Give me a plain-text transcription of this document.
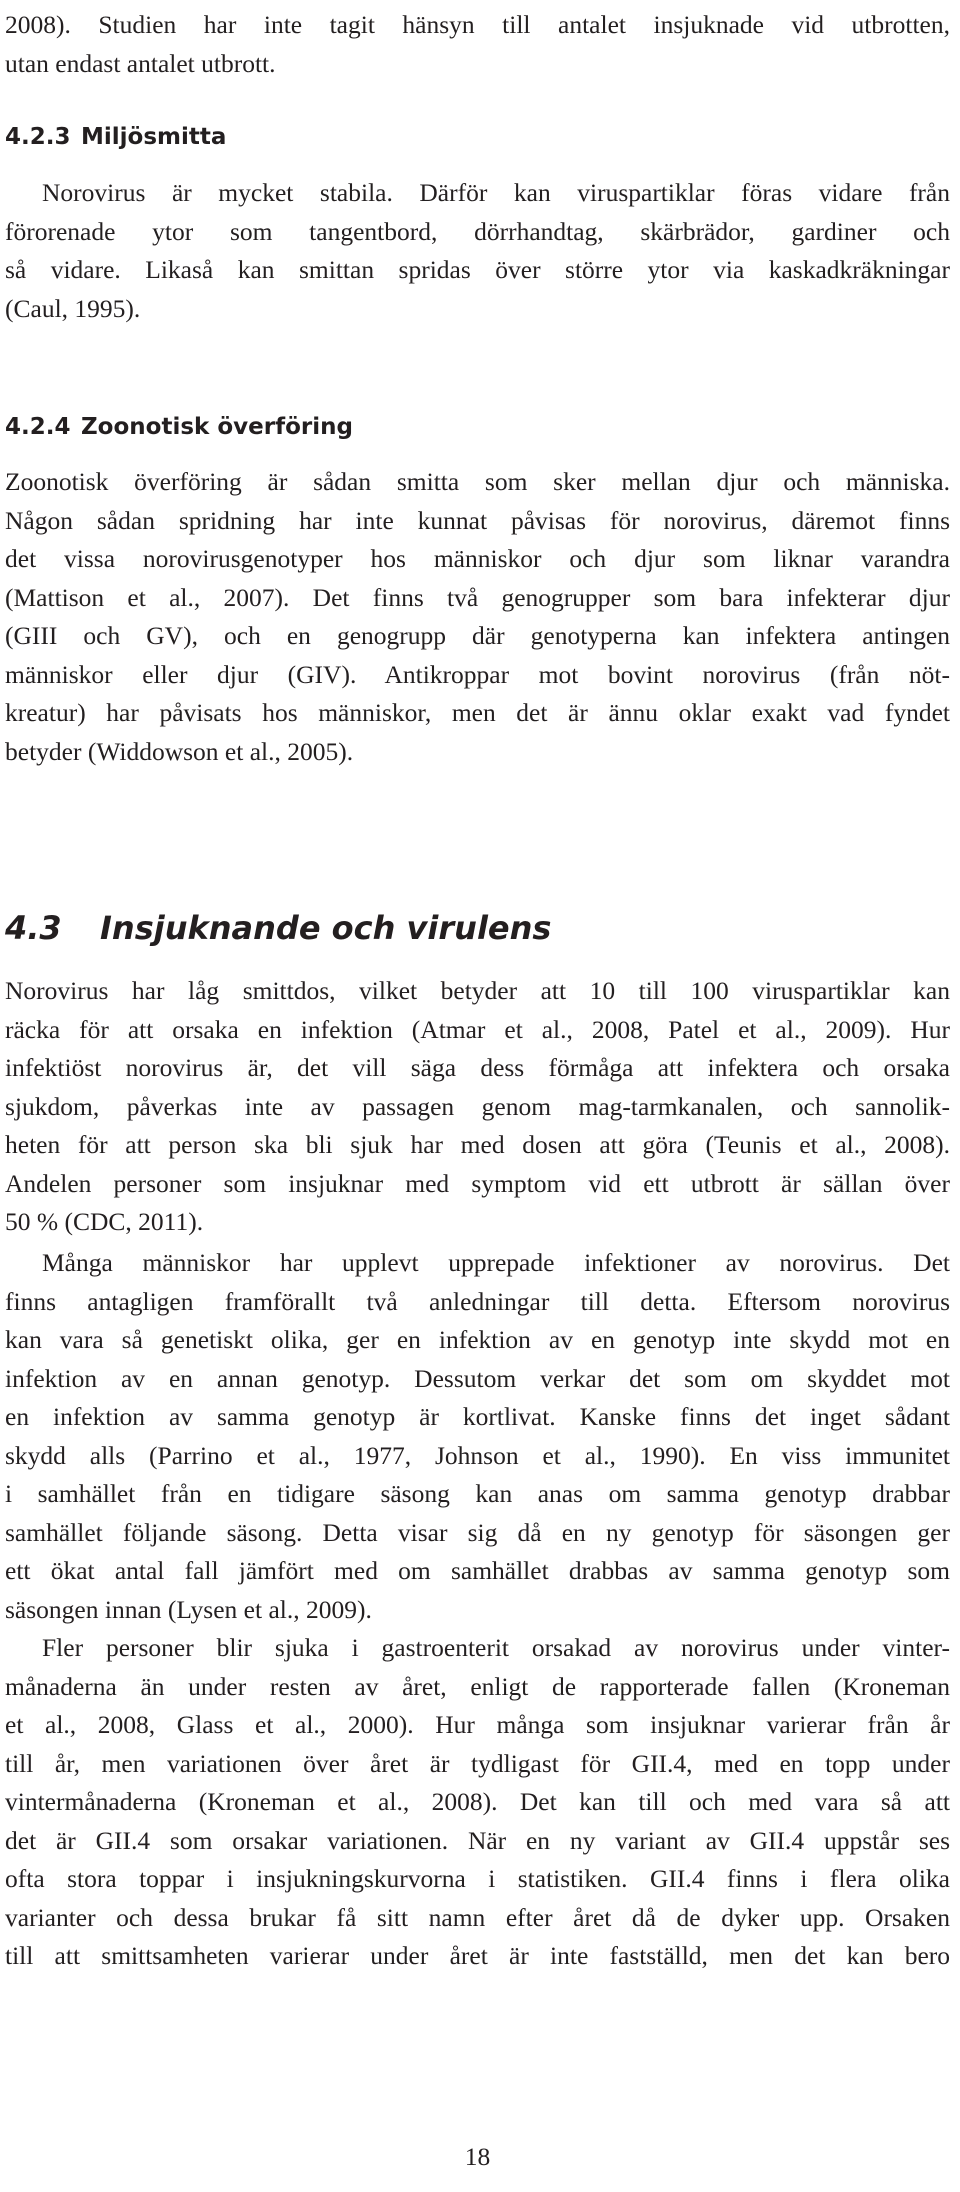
2008). Studien har inte tagit hänsyn till antalet insjuknade vid utbrotten,

utan endast antalet utbrott.

4.2.3 Miljösmitta

Norovirus är mycket stabila. Därför kan viruspartiklar föras vidare från

förorenade ytor som tangentbord, dörrhandtag, skärbrädor, gardiner och

så vidare. Likaså kan smittan spridas över större ytor via kaskadkräkningar

(Caul, 1995).

4.2.4 Zoonotisk överföring

Zoonotisk överföring är sådan smitta som sker mellan djur och människa.

Någon sådan spridning har inte kunnat påvisas för norovirus, däremot finns

det vissa norovirusgenotyper hos människor och djur som liknar varandra

(Mattison et al., 2007). Det finns två genogrupper som bara infekterar djur

(GIII och GV), och en genogrupp där genotyperna kan infektera antingen

människor eller djur (GIV). Antikroppar mot bovint norovirus (från nöt-

kreatur) har påvisats hos människor, men det är ännu oklar exakt vad fyndet

betyder (Widdowson et al., 2005).

4.3 Insjuknande och virulens

Norovirus har låg smittdos, vilket betyder att 10 till 100 viruspartiklar kan

räcka för att orsaka en infektion (Atmar et al., 2008, Patel et al., 2009). Hur

infektiöst norovirus är, det vill säga dess förmåga att infektera och orsaka

sjukdom, påverkas inte av passagen genom mag-tarmkanalen, och sannolik-

heten för att person ska bli sjuk har med dosen att göra (Teunis et al., 2008).

Andelen personer som insjuknar med symptom vid ett utbrott är sällan över

50 % (CDC, 2011).

Många människor har upplevt upprepade infektioner av norovirus. Det

finns antagligen framförallt två anledningar till detta. Eftersom norovirus

kan vara så genetiskt olika, ger en infektion av en genotyp inte skydd mot en

infektion av en annan genotyp. Dessutom verkar det som om skyddet mot

en infektion av samma genotyp är kortlivat. Kanske finns det inget sådant

skydd alls (Parrino et al., 1977, Johnson et al., 1990). En viss immunitet

i samhället från en tidigare säsong kan anas om samma genotyp drabbar

samhället följande säsong. Detta visar sig då en ny genotyp för säsongen ger

ett ökat antal fall jämfört med om samhället drabbas av samma genotyp som

säsongen innan (Lysen et al., 2009).

Fler personer blir sjuka i gastroenterit orsakad av norovirus under vinter-

månaderna än under resten av året, enligt de rapporterade fallen (Kroneman

et al., 2008, Glass et al., 2000). Hur många som insjuknar varierar från år

till år, men variationen över året är tydligast för GII.4, med en topp under

vintermånaderna (Kroneman et al., 2008). Det kan till och med vara så att

det är GII.4 som orsakar variationen. När en ny variant av GII.4 uppstår ses

ofta stora toppar i insjukningskurvorna i statistiken. GII.4 finns i flera olika

varianter och dessa brukar få sitt namn efter året då de dyker upp. Orsaken

till att smittsamheten varierar under året är inte fastställd, men det kan bero

18
